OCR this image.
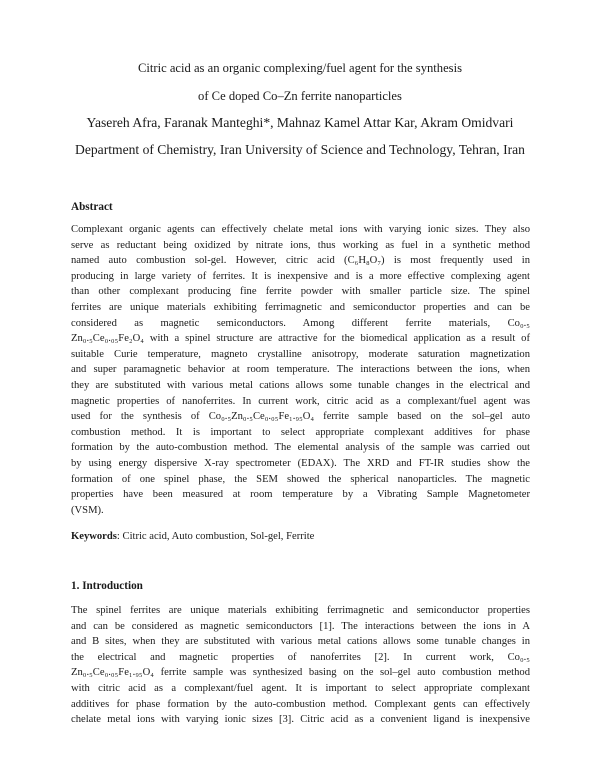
Citric acid as an organic complexing/fuel agent for the synthesis
of Ce doped Co–Zn ferrite nanoparticles
Yasereh Afra, Faranak Manteghi*, Mahnaz Kamel Attar Kar, Akram Omidvari
Department of Chemistry, Iran University of Science and Technology, Tehran, Iran
Abstract
Complexant organic agents can effectively chelate metal ions with varying ionic sizes. They also
serve as reductant being oxidized by nitrate ions, thus working as fuel in a synthetic method
named auto combustion sol-gel. However, citric acid (C₆H₈O₇) is most frequently used in
producing in large variety of ferrites. It is inexpensive and is a more effective complexing agent
than other complexant producing fine ferrite powder with smaller particle size. The spinel
ferrites are unique materials exhibiting ferrimagnetic and semiconductor properties and can be
considered as magnetic semiconductors. Among different ferrite materials, Co₀.₅
Zn₀.₅Ce₀.₀₅Fe₂O₄ with a spinel structure are attractive for the biomedical application as a result of
suitable Curie temperature, magneto crystalline anisotropy, moderate saturation magnetization
and super paramagnetic behavior at room temperature. The interactions between the ions, when
they are substituted with various metal cations allows some tunable changes in the electrical and
magnetic properties of nanoferrites. In current work, citric acid as a complexant/fuel agent was
used for the synthesis of Co₀.₅Zn₀.₅Ce₀.₀₅Fe₁.₉₅O₄ ferrite sample based on the sol–gel auto
combustion method. It is important to select appropriate complexant additives for phase
formation by the auto-combustion method. The elemental analysis of the sample was carried out
by using energy dispersive X-ray spectrometer (EDAX). The XRD and FT-IR studies show the
formation of one spinel phase, the SEM showed the spherical nanoparticles. The magnetic
properties have been measured at room temperature by a Vibrating Sample Magnetometer
(VSM).
Keywords: Citric acid, Auto combustion, Sol-gel, Ferrite
1. Introduction
The spinel ferrites are unique materials exhibiting ferrimagnetic and semiconductor properties
and can be considered as magnetic semiconductors [1]. The interactions between the ions in A
and B sites, when they are substituted with various metal cations allows some tunable changes in
the electrical and magnetic properties of nanoferrites [2]. In current work, Co₀.₅
Zn₀.₅Ce₀.₀₅Fe₁.₉₅O₄ ferrite sample was synthesized basing on the sol–gel auto combustion method
with citric acid as a complexant/fuel agent. It is important to select appropriate complexant
additives for phase formation by the auto-combustion method. Complexant gents can effectively
chelate metal ions with varying ionic sizes [3]. Citric acid as a convenient ligand is inexpensive
